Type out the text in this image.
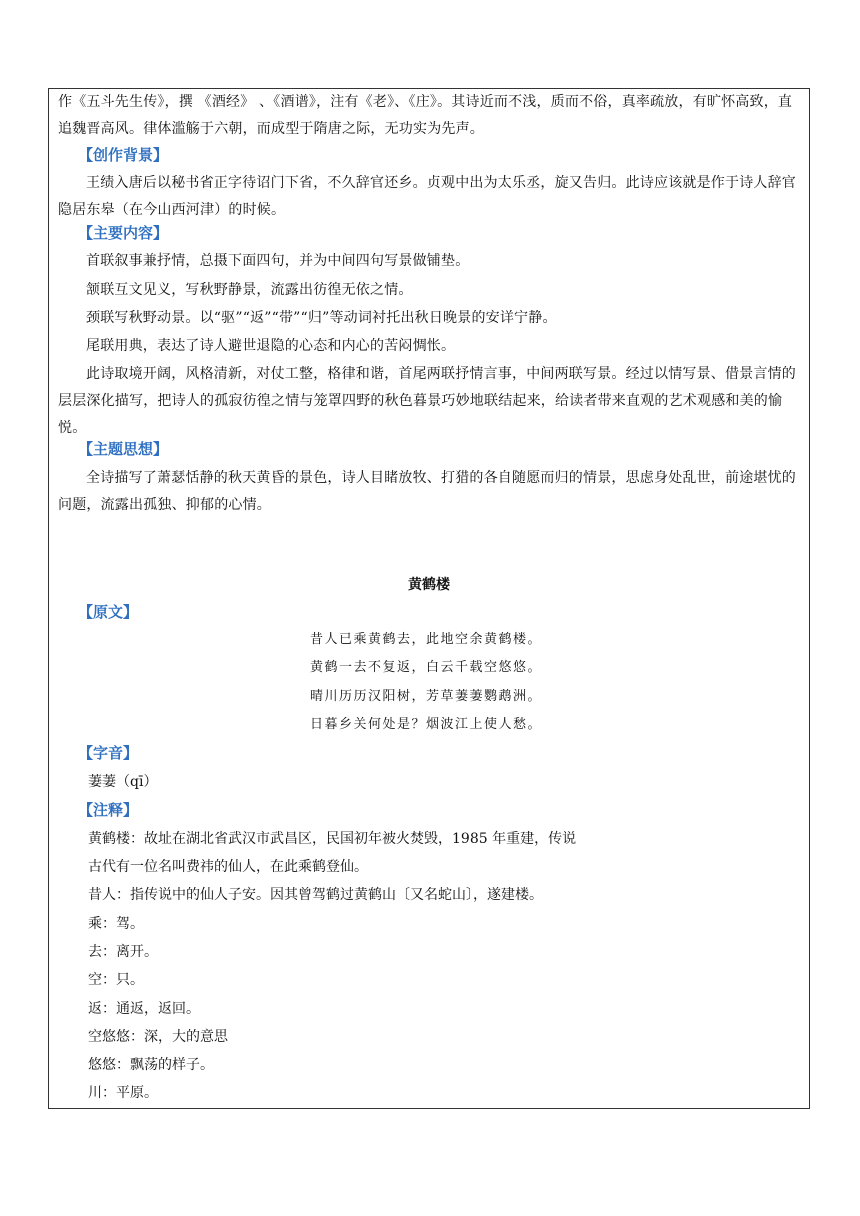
作《五斗先生传》，撰 《酒经》 、《酒谱》，注有《老》、《庄》。其诗近而不浅，质而不俗，真率疏放，有旷怀高致，直追魏晋高风。律体滥觞于六朝，而成型于隋唐之际，无功实为先声。

【创作背景】

王绩入唐后以秘书省正字待诏门下省，不久辞官还乡。贞观中出为太乐丞，旋又告归。此诗应该就是作于诗人辞官隐居东皋（在今山西河津）的时候。

【主要内容】

首联叙事兼抒情，总摄下面四句，并为中间四句写景做铺垫。

颔联互文见义，写秋野静景，流露出彷徨无依之情。

颈联写秋野动景。以“驱”“返”“带”“归”等动词衬托出秋日晚景的安详宁静。

尾联用典，表达了诗人避世退隐的心态和内心的苦闷惆怅。

此诗取境开阔，风格清新，对仗工整，格律和谐，首尾两联抒情言事，中间两联写景。经过以情写景、借景言情的层层深化描写，把诗人的孤寂彷徨之情与笼罩四野的秋色暮景巧妙地联结起来，给读者带来直观的艺术观感和美的愉悦。

【主题思想】

全诗描写了萧瑟恬静的秋天黄昏的景色，诗人目睹放牧、打猎的各自随愿而归的情景，思虑身处乱世，前途堪忧的问题，流露出孤独、抑郁的心情。

黄鹤楼
【原文】
昔人已乘黄鹤去，此地空余黄鹤楼。
黄鹤一去不复返，白云千载空悠悠。
晴川历历汉阳树，芳草萋萋鹦鹉洲。
日暮乡关何处是？烟波江上使人愁。
【字音】
萋萋（qī）
【注释】
黄鹤楼：故址在湖北省武汉市武昌区，民国初年被火焚毁，1985 年重建，传说
古代有一位名叫费祎的仙人，在此乘鹤登仙。
昔人：指传说中的仙人子安。因其曾驾鹤过黄鹤山〔又名蛇山〕，遂建楼。
乘：驾。
去：离开。
空：只。
返：通返，返回。
空悠悠：深，大的意思
悠悠：飘荡的样子。
川：平原。
